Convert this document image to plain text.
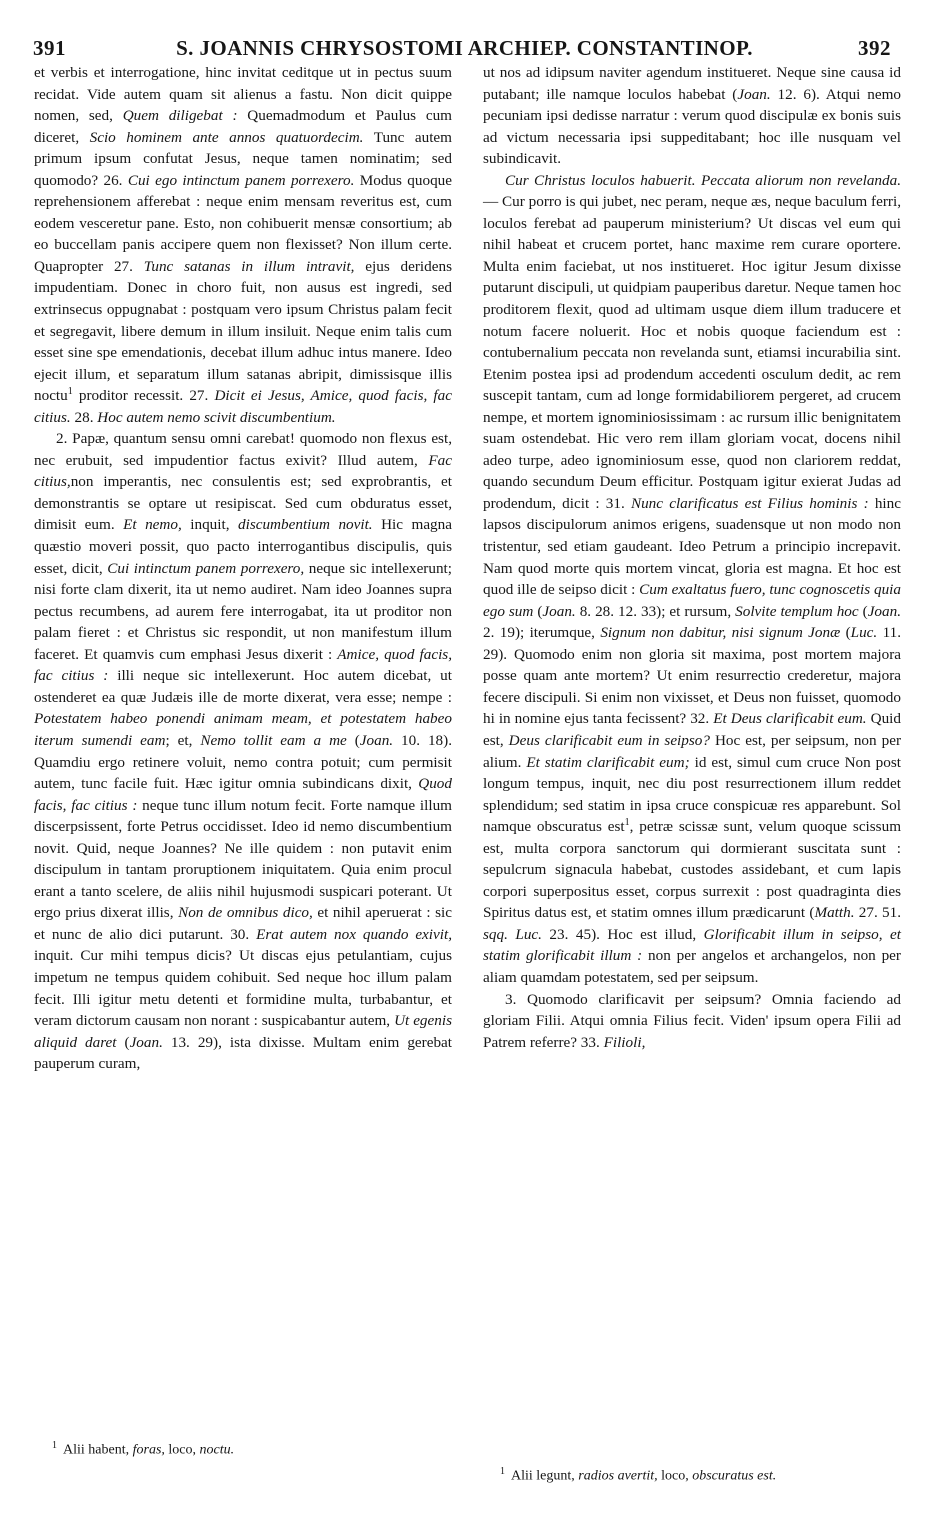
391	S. JOANNIS CHRYSOSTOMI ARCHIEP. CONSTANTINOP.	392

et verbis et interrogatione, hinc invitat ceditque ut in pectus suum recidat. Vide autem quam sit alienus a fastu. Non dicit quippe nomen, sed, Quem diligebat : Quemadmodum et Paulus cum diceret, Scio hominem ante annos quatuordecim. Tunc autem primum ipsum confutat Jesus, neque tamen nominatim; sed quomodo? 26. Cui ego intinctum panem porrexero. Modus quoque reprehensionem afferebat : neque enim mensam reveritus est, cum eodem vesceretur pane. Esto, non cohibuerit mensæ consortium; ab eo buccellam panis accipere quem non flexisset? Non illum certe. Quapropter 27. Tunc satanas in illum intravit, ejus deridens impudentiam. Donec in choro fuit, non ausus est ingredi, sed extrinsecus oppugnabat : postquam vero ipsum Christus palam fecit et segregavit, libere demum in illum insiluit. Neque enim talis cum esset sine spe emendationis, decebat illum adhuc intus manere. Ideo ejecit illum, et separatum illum satanas abripit, dimissisque illis noctu$^1$ proditor recessit. 27. Dicit ei Jesus, Amice, quod facis, fac citius. 28. Hoc autem nemo scivit discumbentium.

2. Papæ, quantum sensu omni carebat! quomodo non flexus est, nec erubuit, sed impudentior factus exivit? Illud autem, Fac citius,non imperantis, nec consulentis est; sed exprobrantis, et demonstrantis se optare ut resipiscat. Sed cum obduratus esset, dimisit eum. Et nemo, inquit, discumbentium novit. Hic magna quæstio moveri possit, quo pacto interrogantibus discipulis, quis esset, dicit, Cui intinctum panem porrexero, neque sic intellexerunt; nisi forte clam dixerit, ita ut nemo audiret. Nam ideo Joannes supra pectus recumbens, ad aurem fere interrogabat, ita ut proditor non palam fieret : et Christus sic respondit, ut non manifestum illum faceret. Et quamvis cum emphasi Jesus dixerit : Amice, quod facis, fac citius : illi neque sic intellexerunt. Hoc autem dicebat, ut ostenderet ea quæ Judæis ille de morte dixerat, vera esse; nempe : Potestatem habeo ponendi animam meam, et potestatem habeo iterum sumendi eam; et, Nemo tollit eam a me (Joan. 10. 18). Quamdiu ergo retinere voluit, nemo contra potuit; cum permisit autem, tunc facile fuit. Hæc igitur omnia subindicans dixit, Quod facis, fac citius : neque tunc illum notum fecit. Forte namque illum discerpsissent, forte Petrus occidisset. Ideo id nemo discumbentium novit. Quid, neque Joannes? Ne ille quidem : non putavit enim discipulum in tantam proruptionem iniquitatem. Quia enim procul erant a tanto scelere, de aliis nihil hujusmodi suspicari poterant. Ut ergo prius dixerat illis, Non de omnibus dico, et nihil aperuerat : sic et nunc de alio dici putarunt. 30. Erat autem nox quando exivit, inquit. Cur mihi tempus dicis? Ut discas ejus petulantiam, cujus impetum ne tempus quidem cohibuit. Sed neque hoc illum palam fecit. Illi igitur metu detenti et formidine multa, turbabantur, et veram dictorum causam non norant : suspicabantur autem, Ut egenis aliquid daret (Joan. 13. 29), ista dixisse. Multam enim gerebat pauperum curam,

ut nos ad idipsum naviter agendum institueret. Neque sine causa id putabant; ille namque loculos habebat (Joan. 12. 6). Atqui nemo pecuniam ipsi dedisse narratur : verum quod discipulæ ex bonis suis ad victum necessaria ipsi suppeditabant; hoc ille nusquam vel subindicavit.

Cur Christus loculos habuerit. Peccata aliorum non revelanda. — Cur porro is qui jubet, nec peram, neque æs, neque baculum ferri, loculos ferebat ad pauperum ministerium? Ut discas vel eum qui nihil habeat et crucem portet, hanc maxime rem curare oportere. Multa enim faciebat, ut nos institueret. Hoc igitur Jesum dixisse putarunt discipuli, ut quidpiam pauperibus daretur. Neque tamen hoc proditorem flexit, quod ad ultimam usque diem illum traducere et notum facere noluerit. Hoc et nobis quoque faciendum est : contubernalium peccata non revelanda sunt, etiamsi incurabilia sint. Etenim postea ipsi ad prodendum accedenti osculum dedit, ac rem suscepit tantam, cum ad longe formidabiliorem pergeret, ad crucem nempe, et mortem ignominiosissimam : ac rursum illic benignitatem suam ostendebat. Hic vero rem illam gloriam vocat, docens nihil adeo turpe, adeo ignominiosum esse, quod non clariorem reddat, quando secundum Deum efficitur. Postquam igitur exierat Judas ad prodendum, dicit : 31. Nunc clarificatus est Filius hominis : hinc lapsos discipulorum animos erigens, suadensque ut non modo non tristentur, sed etiam gaudeant. Ideo Petrum a principio increpavit. Nam quod morte quis mortem vincat, gloria est magna. Et hoc est quod ille de seipso dicit : Cum exaltatus fuero, tunc cognoscetis quia ego sum (Joan. 8. 28. 12. 33); et rursum, Solvite templum hoc (Joan. 2. 19); iterumque, Signum non dabitur, nisi signum Jonæ (Luc. 11. 29). Quomodo enim non gloria sit maxima, post mortem majora posse quam ante mortem? Ut enim resurrectio crederetur, majora fecere discipuli. Si enim non vixisset, et Deus non fuisset, quomodo hi in nomine ejus tanta fecissent? 32. Et Deus clarificabit eum. Quid est, Deus clarificabit eum in seipso? Hoc est, per seipsum, non per alium. Et statim clarificabit eum; id est, simul cum cruce Non post longum tempus, inquit, nec diu post resurrectionem illum reddet splendidum; sed statim in ipsa cruce conspicuæ res apparebunt. Sol namque obscuratus est$^1$, petræ scissæ sunt, velum quoque scissum est, multa corpora sanctorum qui dormierant suscitata sunt : sepulcrum signacula habebat, custodes assidebant, et cum lapis corpori superpositus esset, corpus surrexit : post quadraginta dies Spiritus datus est, et statim omnes illum prædicarunt (Matth. 27. 51. sqq. Luc. 23. 45). Hoc est illud, Glorificabit illum in seipso, et statim glorificabit illum : non per angelos et archangelos, non per aliam quamdam potestatem, sed per seipsum.

3. Quomodo clarificavit per seipsum? Omnia faciendo ad gloriam Filii. Atqui omnia Filius fecit. Viden' ipsum opera Filii ad Patrem referre? 33. Filioli,

$^1$ Alii habent, foras, loco, noctu.
$^1$ Alii legunt, radios avertit, loco, obscuratus est.
